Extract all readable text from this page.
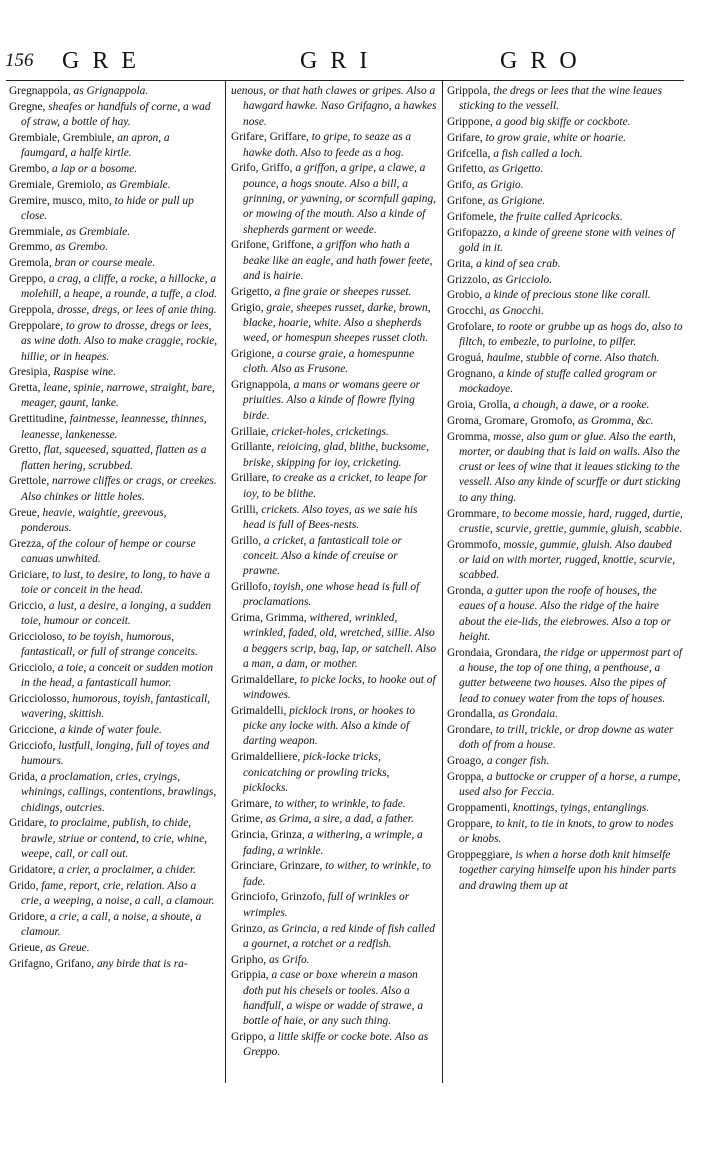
156 GRE	GRI	GRO

Gregnappola, as Grignappola.

Gregne, sheafes or handfuls of corne, a wad of straw, a bottle of hay.

Grembiale, Grembiule, an apron, a faumgard, a halfe kirtle.

Grembo, a lap or a bosome.

Gremiale, Gremiolo, as Grembiale.

Gremire, musco, mito, to hide or pull up close.

Gremmiale, as Grembiale.

Gremmo, as Grembo.

Gremola, bran or course meale.

Greppo, a crag, a cliffe, a rocke, a hillocke, a molehill, a heape, a rounde, a tuffe, a clod.

Greppola, drosse, dregs, or lees of anie thing.

Greppolare, to grow to drosse, dregs or lees, as wine doth. Also to make craggie, rockie, hillie, or in heapes.

Gresipia, Raspise wine.

Gretta, leane, spinie, narrowe, straight, bare, meager, gaunt, lanke.

Grettitudine, faintnesse, leannesse, thinnes, leanesse, lankenesse.

Gretto, flat, squeesed, squatted, flatten as a flatten hering, scrubbed.

Grettole, narrowe cliffes or crags, or creekes. Also chinkes or little holes.

Greue, heavie, waightie, greevous, ponderous.

Grezza, of the colour of hempe or course canuas unwhited.

Griciare, to lust, to desire, to long, to have a toie or conceit in the head.

Griccio, a lust, a desire, a longing, a sudden toie, humour or conceit.

Griccioloso, to be toyish, humorous, fantasticall, or full of strange conceits.

Gricciolo, a toie, a conceit or sudden motion in the head, a fantasticall humor.

Gricciolosso, humorous, toyish, fantasticall, wavering, skittish.

Griccione, a kinde of water foule.

Gricciofo, lustfull, longing, full of toyes and humours.

Grida, a proclamation, cries, cryings, whinings, callings, contentions, brawlings, chidings, outcries.

Gridare, to proclaime, publish, to chide, brawle, striue or contend, to crie, whine, weepe, call, or call out.

Gridatore, a crier, a proclaimer, a chider.

Grido, fame, report, crie, relation. Also a crie, a weeping, a noise, a call, a clamour.

Gridore, a crie, a call, a noise, a shoute, a clamour.

Grieue, as Greue.

Grifagno, Grifano, any birde that is ra-

uenous, or that hath clawes or gripes. Also a hawgard hawke. Naso Grifagno, a hawkes nose.

Grifare, Griffare, to gripe, to seaze as a hawke doth. Also to feede as a hog.

Grifo, Griffo, a griffon, a gripe, a clawe, a pounce, a hogs snoute. Also a bill, a grinning, or yawning, or scornfull gaping, or mowing of the mouth. Also a kinde of shepherds garment or weede.

Grifone, Griffone, a griffon who hath a beake like an eagle, and hath fower feete, and is hairie.

Grigetto, a fine graie or sheepes russet.

Grigio, graie, sheepes russet, darke, brown, blacke, hoarie, white. Also a shepherds weed, or homespun sheepes russet cloth.

Grigione, a course graie, a homespunne cloth. Also as Frusone.

Grignappola, a mans or womans geere or priuities. Also a kinde of flowre flying birde.

Grillaie, cricket-holes, cricketings.

Grillante, reioicing, glad, blithe, bucksome, briske, skipping for ioy, cricketing.

Grillare, to creake as a cricket, to leape for ioy, to be blithe.

Grilli, crickets. Also toyes, as we saie his head is full of Bees-nests.

Grillo, a cricket, a fantasticall toie or conceit. Also a kinde of creuise or prawne.

Grillofo, toyish, one whose head is full of proclamations.

Grima, Grimma, withered, wrinkled, wrinkled, faded, old, wretched, sillie. Also a beggers scrip, bag, lap, or satchell. Also a man, a dam, or mother.

Grimaldellare, to picke locks, to hooke out of windowes.

Grimaldelli, picklock irons, or hookes to picke any locke with. Also a kinde of darting weapon.

Grimaldelliere, pick-locke tricks, conicatching or prowling tricks, picklocks.

Grimare, to wither, to wrinkle, to fade.

Grime, as Grima, a sire, a dad, a father.

Grincia, Grinza, a withering, a wrimple, a fading, a wrinkle.

Grinciare, Grinzare, to wither, to wrinkle, to fade.

Grinciofo, Grinzofo, full of wrinkles or wrimples.

Grinzo, as Grincia, a red kinde of fish called a gournet, a rotchet or a redfish.

Gripho, as Grifo.

Grippia, a case or boxe wherein a mason doth put his chesels or tooles. Also a handfull, a wispe or wadde of strawe, a bottle of haie, or any such thing.

Grippo, a little skiffe or cocke bote. Also as Greppo.

Grippola, the dregs or lees that the wine leaues sticking to the vessell.

Grippone, a good big skiffe or cockbote.

Grifare, to grow graie, white or hoarie.

Grifcella, a fish called a loch.

Grifetto, as Grigetto.

Grifo, as Grigio.

Grifone, as Grigione.

Grifomele, the fruite called Apricocks.

Grifopazzo, a kinde of greene stone with veines of gold in it.

Grita, a kind of sea crab.

Grizzolo, as Gricciolo.

Grobio, a kinde of precious stone like corall.

Grocchi, as Gnocchi.

Grofolare, to roote or grubbe up as hogs do, also to filtch, to embezle, to purloine, to pilfer.

Groguá, haulme, stubble of corne. Also thatch.

Grognano, a kinde of stuffe called grogram or mockadoye.

Groia, Grolla, a chough, a dawe, or a rooke.

Groma, Gromare, Gromofo, as Gromma, &c.

Gromma, mosse, also gum or glue. Also the earth, morter, or daubing that is laid on walls. Also the crust or lees of wine that it leaues sticking to the vessell. Also any kinde of scurffe or durt sticking to any thing.

Grommare, to become mossie, hard, rugged, durtie, crustie, scurvie, grettie, gummie, gluish, scabbie.

Grommofo, mossie, gummie, gluish. Also daubed or laid on with morter, rugged, knottie, scurvie, scabbed.

Gronda, a gutter upon the roofe of houses, the eaues of a house. Also the ridge of the haire about the eie-lids, the eiebrowes. Also a top or height.

Grondaia, Grondara, the ridge or uppermost part of a house, the top of one thing, a penthouse, a gutter betweene two houses. Also the pipes of lead to conuey water from the tops of houses.

Grondalla, as Grondaia.

Grondare, to trill, trickle, or drop downe as water doth of from a house.

Groago, a conger fish.

Groppa, a buttocke or crupper of a horse, a rumpe, used also for Feccia.

Groppamenti, knottings, tyings, entanglings.

Groppare, to knit, to tie in knots, to grow to nodes or knobs.

Groppeggiare, is when a horse doth knit himselfe together carying himselfe upon his hinder parts and drawing them up at
